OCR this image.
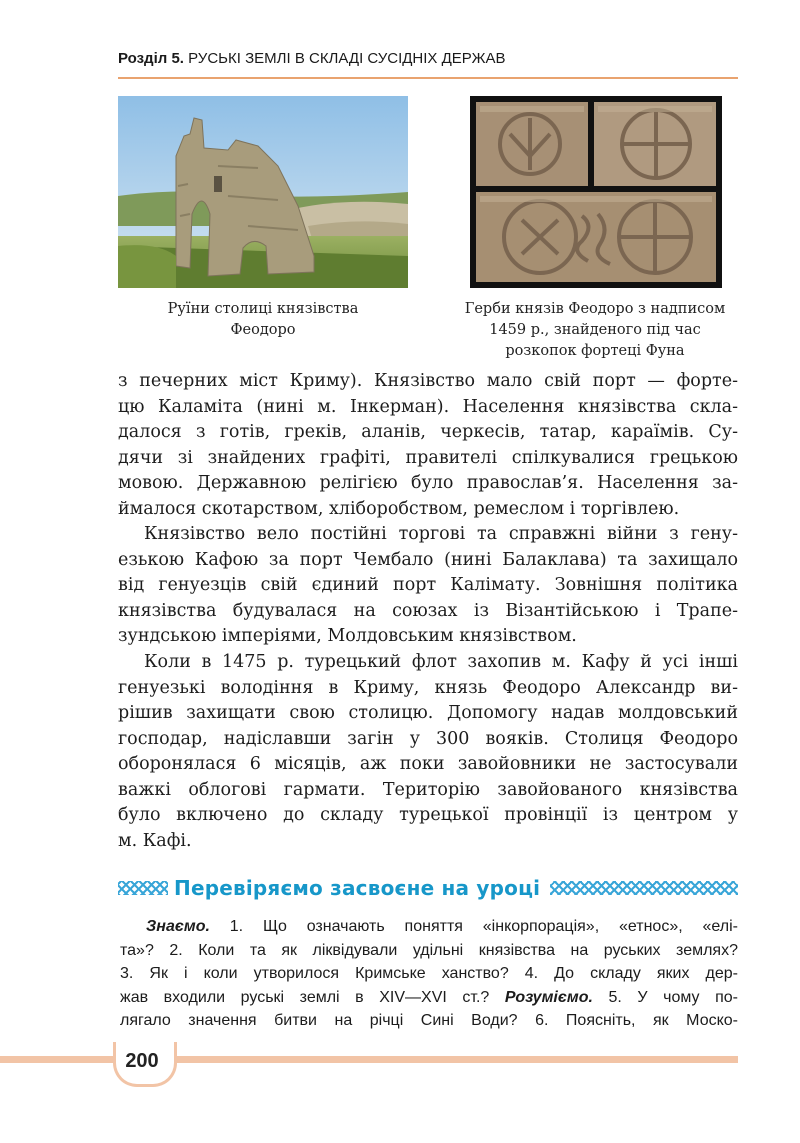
Розділ 5. РУСЬКІ ЗЕМЛІ В СКЛАДІ СУСІДНІХ ДЕРЖАВ
Руїни столиці князівства
Феодоро
Герби князів Феодоро з надписом
1459 р., знайденого під час
розкопок фортеці Фуна
з печерних міст Криму). Князівство мало свій порт — форте-
цю Каламіта (нині м. Інкерман). Населення князівства скла-
далося з готів, греків, аланів, черкесів, татар, караїмів. Су-
дячи зі знайдених графіті, правителі спілкувалися грецькою
мовою. Державною релігією було православ’я. Населення за-
ймалося скотарством, хліборобством, ремеслом і торгівлею.
Князівство вело постійні торгові та справжні війни з гену-
езькою Кафою за порт Чембало (нині Балаклава) та захищало
від генуезців свій єдиний порт Калімату. Зовнішня політика
князівства будувалася на союзах із Візантійською і Трапе-
зундською імперіями, Молдовським князівством.
Коли в 1475 р. турецький флот захопив м. Кафу й усі інші
генуезькі володіння в Криму, князь Феодоро Александр ви-
рішив захищати свою столицю. Допомогу надав молдовський
господар, надіславши загін у 300 вояків. Столиця Феодоро
оборонялася 6 місяців, аж поки завойовники не застосували
важкі облогові гармати. Територію завойованого князівства
було включено до складу турецької провінції із центром у
м. Кафі.
Перевіряємо засвоєне на уроці
Знаємо. 1. Що означають поняття «інкорпорація», «етнос», «елі-
та»? 2. Коли та як ліквідували удільні князівства на руських землях?
3. Як і коли утворилося Кримське ханство? 4. До складу яких дер-
жав входили руські землі в XIV—XVI ст.? Розуміємо. 5. У чому по-
лягало значення битви на річці Сині Води? 6. Поясніть, як Моско-
200
